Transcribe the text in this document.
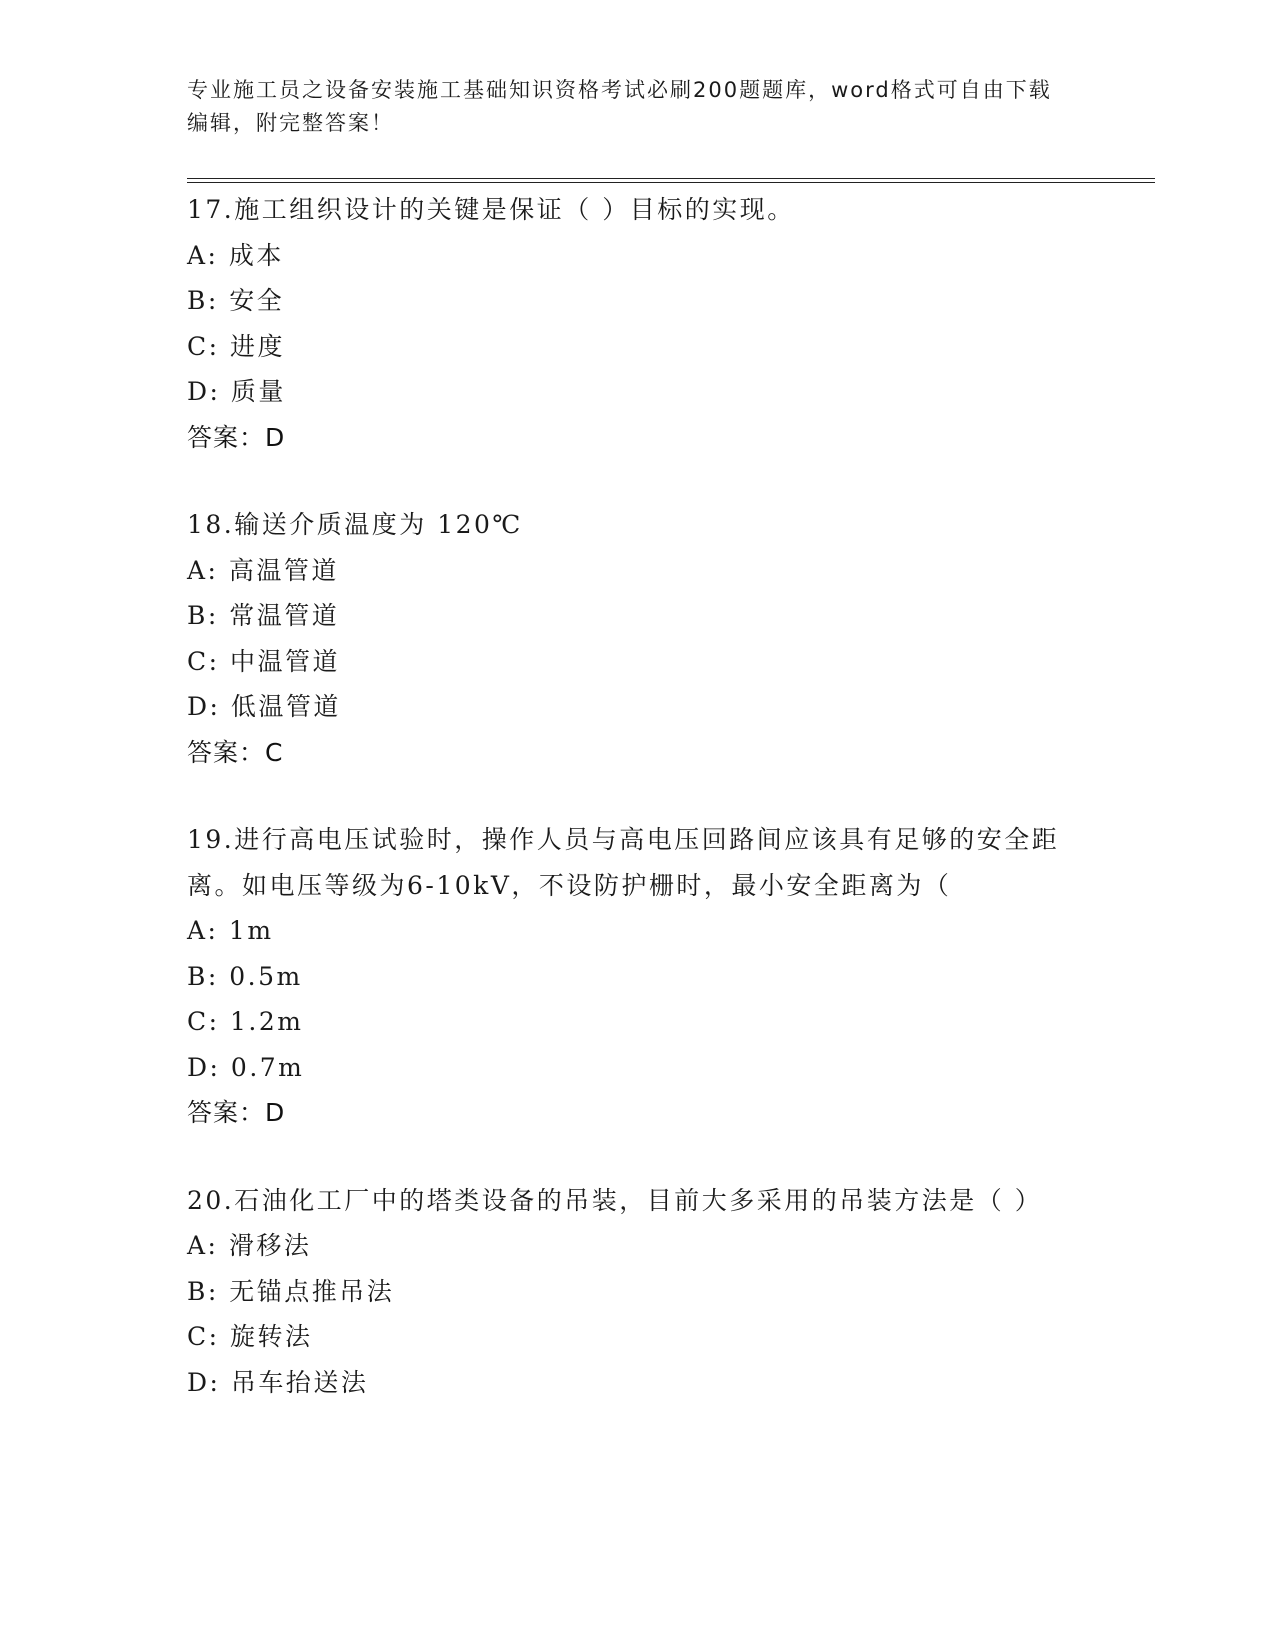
专业施工员之设备安装施工基础知识资格考试必刷200题题库，word格式可自由下载编辑，附完整答案！
17.施工组织设计的关键是保证（ ）目标的实现。
A: 成本
B: 安全
C: 进度
D: 质量
答案：D
18.输送介质温度为 120℃
A: 高温管道
B: 常温管道
C: 中温管道
D: 低温管道
答案：C
19.进行高电压试验时，操作人员与高电压回路间应该具有足够的安全距离。如电压等级为6-10kV，不设防护栅时，最小安全距离为（
A: 1m
B: 0.5m
C: 1.2m
D: 0.7m
答案：D
20.石油化工厂中的塔类设备的吊装，目前大多采用的吊装方法是（ ）
A: 滑移法
B: 无锚点推吊法
C: 旋转法
D: 吊车抬送法
